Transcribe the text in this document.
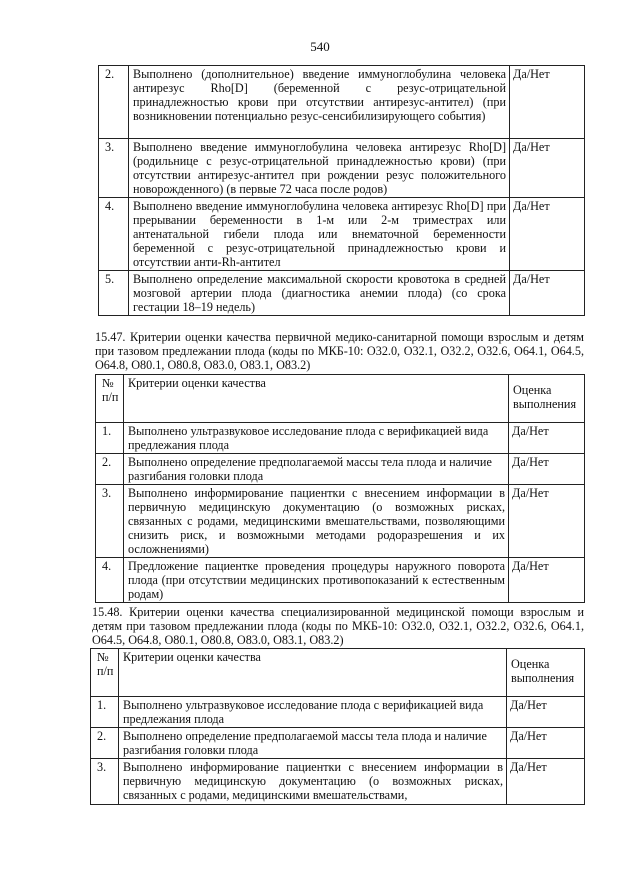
540
2.	Выполнено (дополнительное) введение иммуноглобулина человека антирезус Rho[D] (беременной с резус-отрицательной принадлежностью крови при отсутствии антирезус-антител) (при возникновении потенциально резус-сенсибилизирующего события)	Да/Нет
3.	Выполнено введение иммуноглобулина человека антирезус Rho[D] (родильнице с резус-отрицательной принадлежностью крови) (при отсутствии антирезус-антител при рождении резус положительного новорожденного) (в первые 72 часа после родов)	Да/Нет
4.	Выполнено введение иммуноглобулина человека антирезус Rho[D] при прерывании беременности в 1-м или 2-м триместрах или антенатальной гибели плода или внематочной беременности беременной с резус-отрицательной принадлежностью крови и отсутствии анти-Rh-антител	Да/Нет
5.	Выполнено определение максимальной скорости кровотока в средней мозговой артерии плода (диагностика анемии плода) (со срока гестации 18–19 недель)	Да/Нет
15.47. Критерии оценки качества первичной медико-санитарной помощи взрослым и детям при тазовом предлежании плода (коды по МКБ-10: O32.0, O32.1, O32.2, O32.6, O64.1, O64.5, O64.8, O80.1, O80.8, O83.0, O83.1, O83.2)
№ п/п	Критерии оценки качества	Оценка выполнения
1.	Выполнено ультразвуковое исследование плода с верификацией вида предлежания плода	Да/Нет
2.	Выполнено определение предполагаемой массы тела плода и наличие разгибания головки плода	Да/Нет
3.	Выполнено информирование пациентки с внесением информации в первичную медицинскую документацию (о возможных рисках, связанных с родами, медицинскими вмешательствами, позволяющими снизить риск, и возможными методами родоразрешения и их осложнениями)	Да/Нет
4.	Предложение пациентке проведения процедуры наружного поворота плода (при отсутствии медицинских противопоказаний к естественным родам)	Да/Нет
15.48. Критерии оценки качества специализированной медицинской помощи взрослым и детям при тазовом предлежании плода (коды по МКБ-10: O32.0, O32.1, O32.2, O32.6, O64.1, O64.5, O64.8, O80.1, O80.8, O83.0, O83.1, O83.2)
№ п/п	Критерии оценки качества	Оценка выполнения
1.	Выполнено ультразвуковое исследование плода с верификацией вида предлежания плода	Да/Нет
2.	Выполнено определение предполагаемой массы тела плода и наличие разгибания головки плода	Да/Нет
3.	Выполнено информирование пациентки с внесением информации в первичную медицинскую документацию (о возможных рисках, связанных с родами, медицинскими вмешательствами,	Да/Нет
